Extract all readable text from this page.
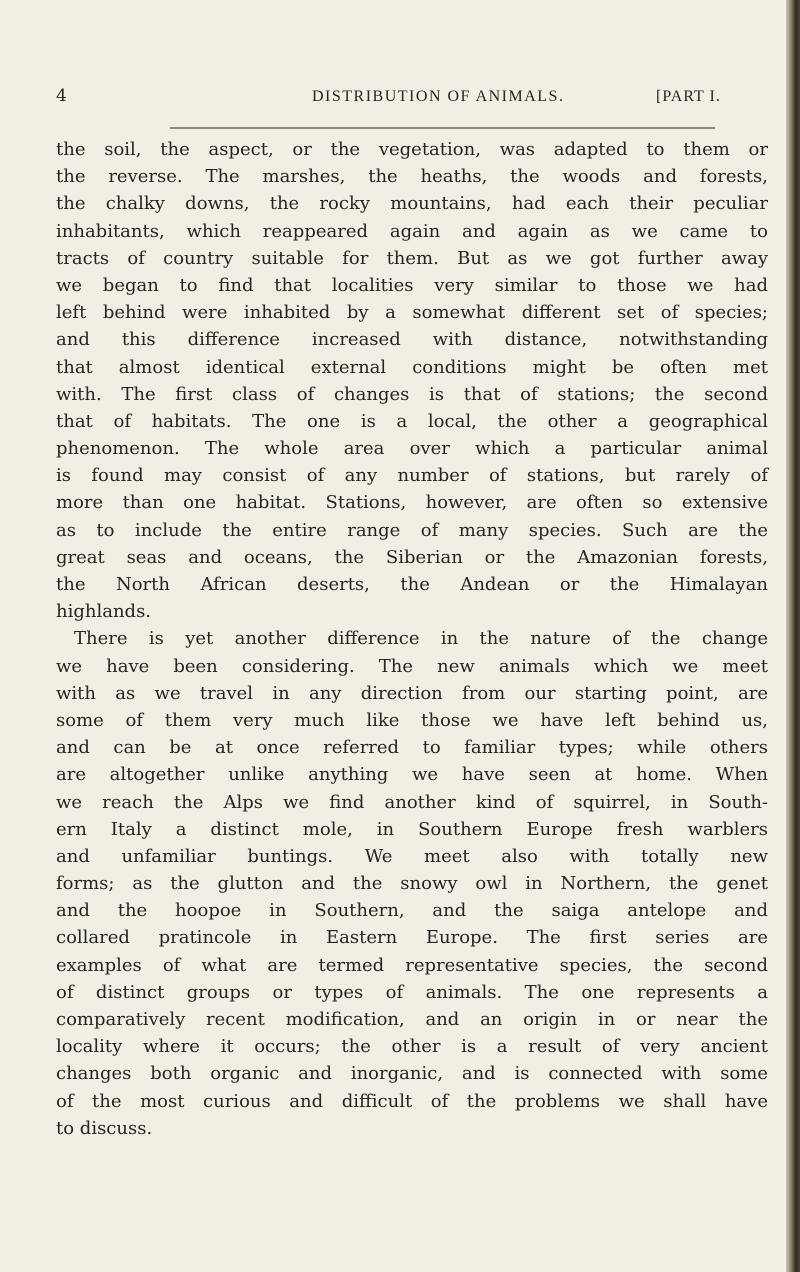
4	DISTRIBUTION OF ANIMALS.	[PART I.
the soil, the aspect, or the vegetation, was adapted to them or
the reverse. The marshes, the heaths, the woods and forests,
the chalky downs, the rocky mountains, had each their peculiar
inhabitants, which reappeared again and again as we came to
tracts of country suitable for them. But as we got further away
we began to find that localities very similar to those we had
left behind were inhabited by a somewhat different set of species;
and this difference increased with distance, notwithstanding
that almost identical external conditions might be often met
with. The first class of changes is that of stations; the second
that of habitats. The one is a local, the other a geographical
phenomenon. The whole area over which a particular animal
is found may consist of any number of stations, but rarely of
more than one habitat. Stations, however, are often so extensive
as to include the entire range of many species. Such are the
great seas and oceans, the Siberian or the Amazonian forests,
the North African deserts, the Andean or the Himalayan
highlands.
There is yet another difference in the nature of the change
we have been considering. The new animals which we meet
with as we travel in any direction from our starting point, are
some of them very much like those we have left behind us,
and can be at once referred to familiar types; while others
are altogether unlike anything we have seen at home. When
we reach the Alps we find another kind of squirrel, in South-
ern Italy a distinct mole, in Southern Europe fresh warblers
and unfamiliar buntings. We meet also with totally new
forms; as the glutton and the snowy owl in Northern, the genet
and the hoopoe in Southern, and the saiga antelope and
collared pratincole in Eastern Europe. The first series are
examples of what are termed representative species, the second
of distinct groups or types of animals. The one represents a
comparatively recent modification, and an origin in or near the
locality where it occurs; the other is a result of very ancient
changes both organic and inorganic, and is connected with some
of the most curious and difficult of the problems we shall have
to discuss.
